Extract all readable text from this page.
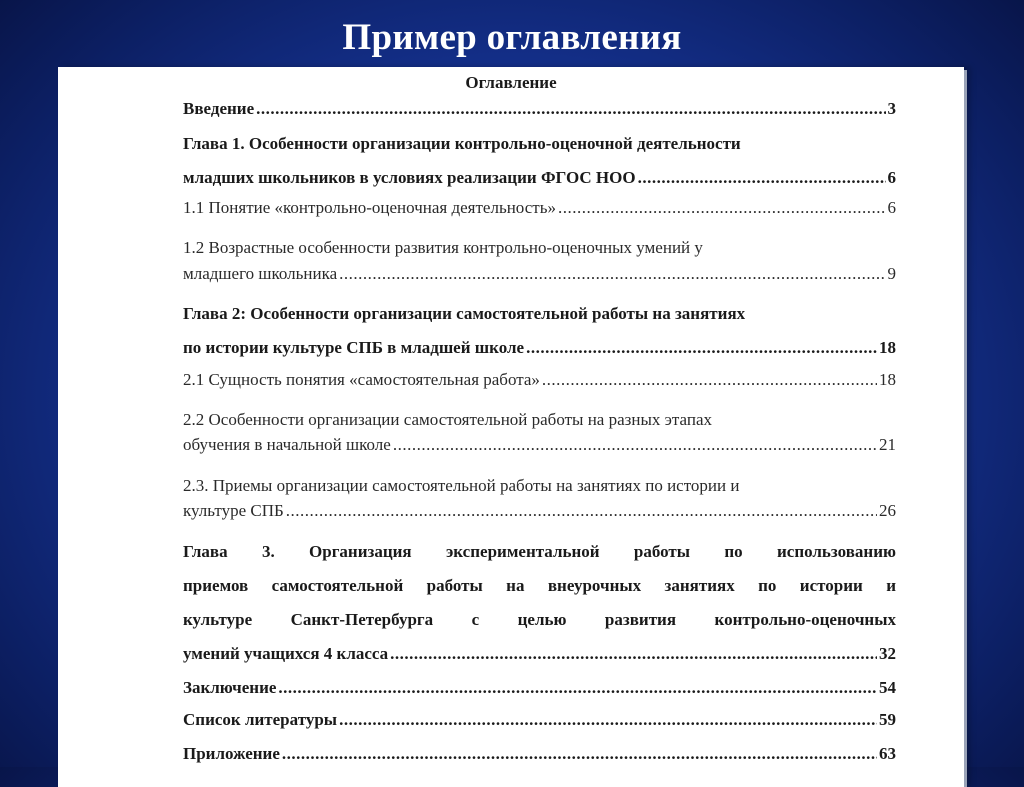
Пример оглавления
Оглавление
Введение .....	3
Глава 1. Особенности организации контрольно-оценочной деятельности
младших школьников в условиях реализации ФГОС НОО .....	6
1.1 Понятие «контрольно-оценочная деятельность» .....	6
1.2 Возрастные особенности развития контрольно-оценочных умений у
младшего школьника .....	9
Глава 2: Особенности организации самостоятельной работы на занятиях
по истории культуре СПБ в младшей школе .....	18
2.1 Сущность понятия «самостоятельная работа» .....	18
2.2 Особенности организации самостоятельной работы на разных этапах
обучения в начальной школе .....	21
2.3. Приемы организации самостоятельной работы на занятиях по истории и
культуре СПБ .....	26
Глава 3. Организация экспериментальной работы по использованию
приемов самостоятельной работы на внеурочных занятиях по истории и
культуре Санкт-Петербурга с целью развития контрольно-оценочных
умений учащихся 4 класса .....	32
Заключение .....	54
Список литературы .....	59
Приложение .....	63
